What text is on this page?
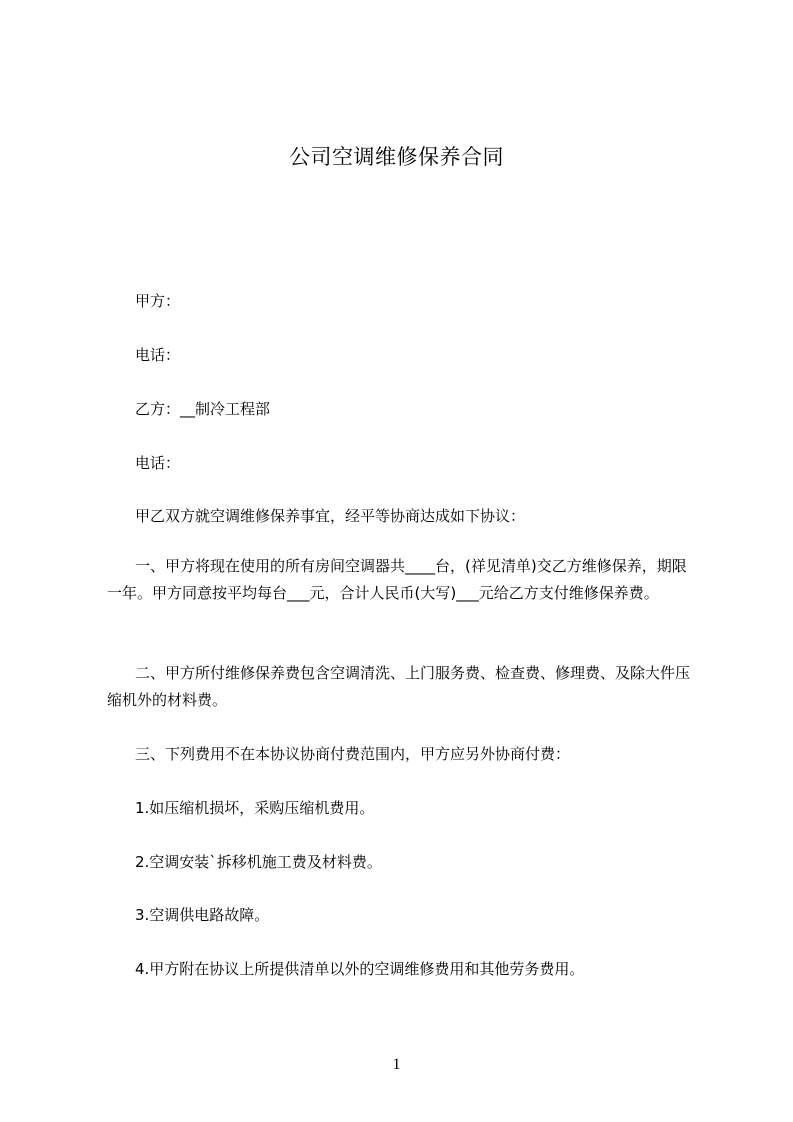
公司空调维修保养合同
甲方：
电话：
乙方：__制冷工程部
电话：
甲乙双方就空调维修保养事宜，经平等协商达成如下协议：
一、甲方将现在使用的所有房间空调器共____台，(祥见清单)交乙方维修保养，期限一年。甲方同意按平均每台___元，合计人民币(大写)___元给乙方支付维修保养费。
二、甲方所付维修保养费包含空调清洗、上门服务费、检查费、修理费、及除大件压缩机外的材料费。
三、下列费用不在本协议协商付费范围内，甲方应另外协商付费：
1.如压缩机损坏，采购压缩机费用。
2.空调安装`拆移机施工费及材料费。
3.空调供电路故障。
4.甲方附在协议上所提供清单以外的空调维修费用和其他劳务费用。
1
